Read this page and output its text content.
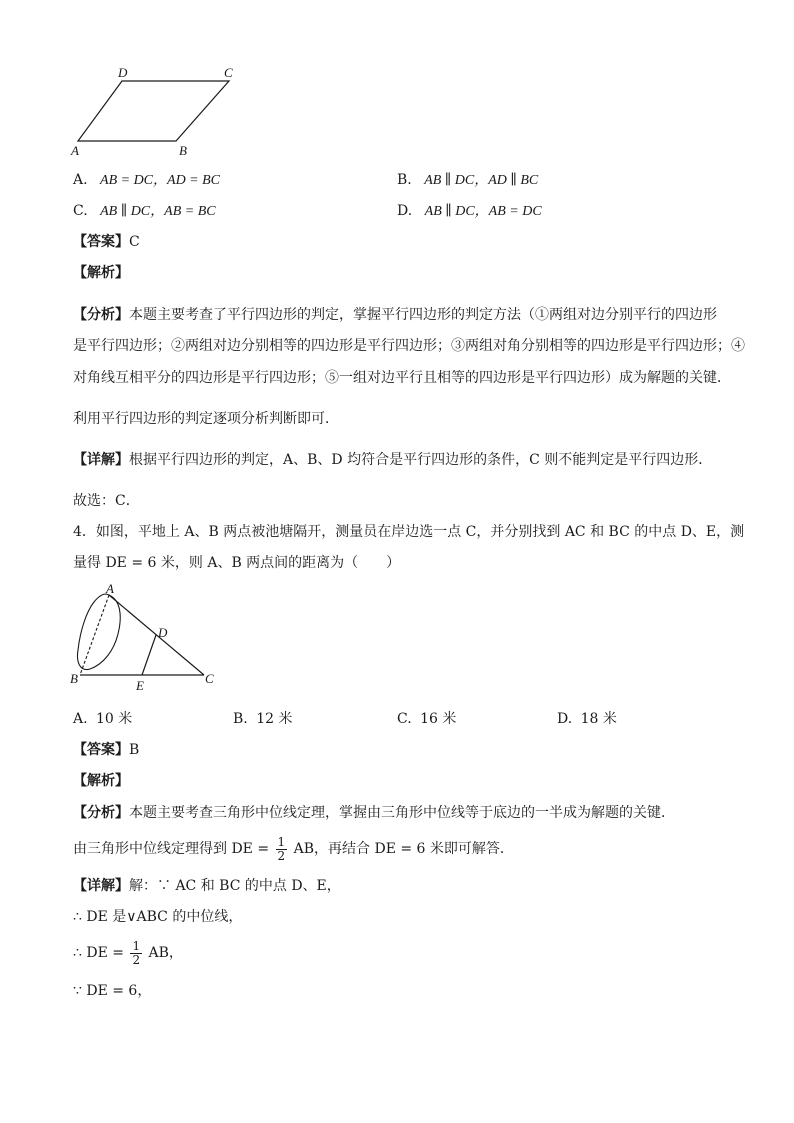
D	C
A	B
A. AB = DC，AD = BC	B. AB ∥ DC，AD ∥ BC
C. AB ∥ DC，AB = BC	D. AB ∥ DC，AB = DC
【答案】C
【解析】
【分析】本题主要考查了平行四边形的判定，掌握平行四边形的判定方法（①两组对边分别平行的四边形
是平行四边形；②两组对边分别相等的四边形是平行四边形；③两组对角分别相等的四边形是平行四边形；④
对角线互相平分的四边形是平行四边形；⑤一组对边平行且相等的四边形是平行四边形）成为解题的关键．
利用平行四边形的判定逐项分析判断即可．
【详解】根据平行四边形的判定，A、B、D 均符合是平行四边形的条件，C 则不能判定是平行四边形．
故选：C．
4．如图，平地上 A、B 两点被池塘隔开，测量员在岸边选一点 C，并分别找到 AC 和 BC 的中点 D、E，测
量得 DE = 6 米，则 A、B 两点间的距离为（　　）
A
D
B	E	C
A. 10 米	B. 12 米	C. 16 米	D. 18 米
【答案】B
【解析】
【分析】本题主要考查三角形中位线定理，掌握由三角形中位线等于底边的一半成为解题的关键．
由三角形中位线定理得到 DE = $\frac{1}{2}$ AB，再结合 DE = 6 米即可解答．
【详解】解：∵ AC 和 BC 的中点 D、E，
∴ DE 是∨ABC 的中位线，
∴ DE = $\frac{1}{2}$ AB，
∵ DE = 6，
